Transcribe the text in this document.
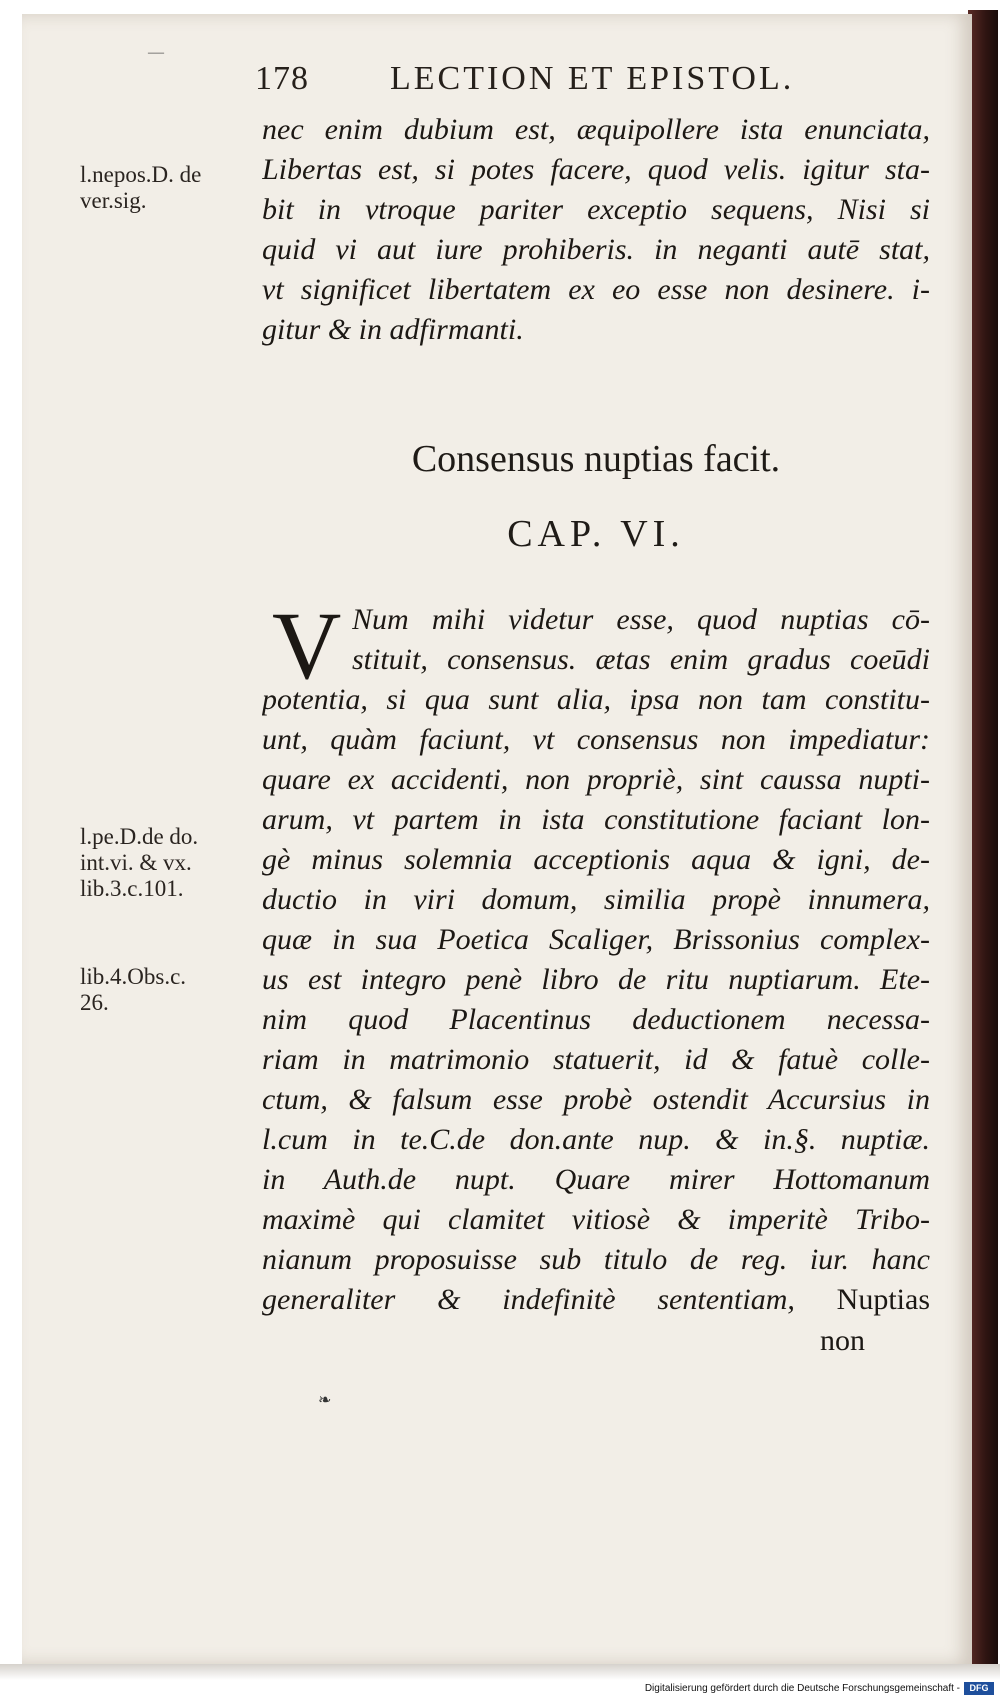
—
178 LECTION ET EPISTOL.
nec enim dubium est, æquipollere ista enunciata,
Libertas est, si potes facere, quod velis. igitur sta-
bit in vtroque pariter exceptio sequens, Nisi si
quid vi aut iure prohiberis. in neganti autē stat,
vt significet libertatem ex eo esse non desinere. i-
gitur & in adfirmanti.
l.nepos.D. de
ver.sig.
l.pe.D.de do.
int.vi. & vx.
lib.3.c.101.
lib.4.Obs.c.
26.
Consensus nuptias facit.
CAP. VI.
V Num mihi videtur esse, quod nuptias cō-
stituit, consensus. ætas enim gradus coeūdi
potentia, si qua sunt alia, ipsa non tam constitu-
unt, quàm faciunt, vt consensus non impediatur:
quare ex accidenti, non propriè, sint caussa nupti-
arum, vt partem in ista constitutione faciant lon-
gè minus solemnia acceptionis aqua & igni, de-
ductio in viri domum, similia propè innumera,
quæ in sua Poetica Scaliger, Brissonius complex-
us est integro penè libro de ritu nuptiarum. Ete-
nim quod Placentinus deductionem necessa-
riam in matrimonio statuerit, id & fatuè colle-
ctum, & falsum esse probè ostendit Accursius in
l.cum in te.C.de don.ante nup. & in.§. nuptiæ.
in Auth.de nupt. Quare mirer Hottomanum
maximè qui clamitet vitiosè & imperitè Tribo-
nianum proposuisse sub titulo de reg. iur. hanc
generaliter & indefinitè sententiam, Nuptias
non
❧
Digitalisierung gefördert durch die Deutsche Forschungsgemeinschaft -	DFG
